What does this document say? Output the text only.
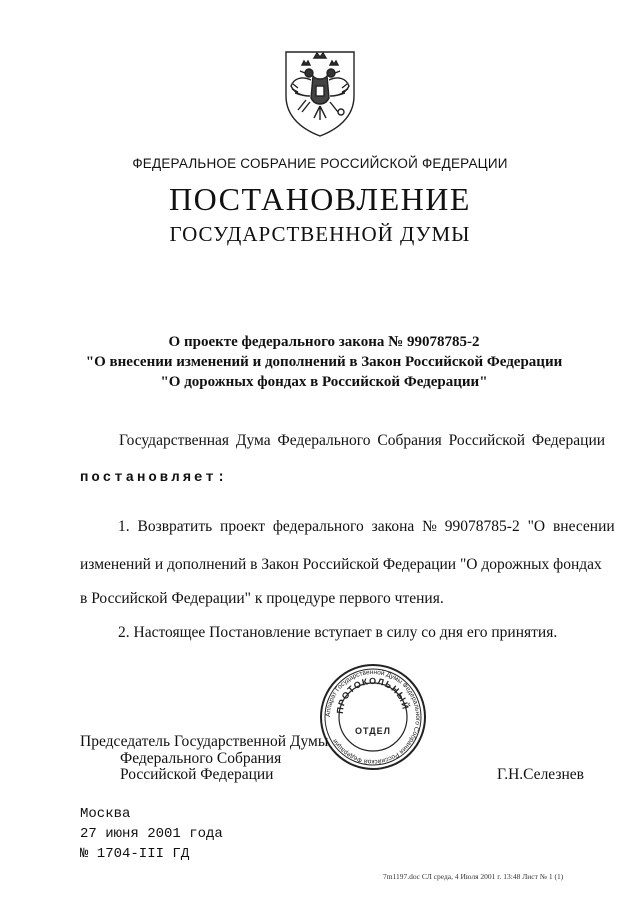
ФЕДЕРАЛЬНОЕ СОБРАНИЕ РОССИЙСКОЙ ФЕДЕРАЦИИ
ПОСТАНОВЛЕНИЕ
ГОСУДАРСТВЕННОЙ ДУМЫ
О проекте федерального закона № 99078785-2
"О внесении изменений и дополнений в Закон Российской Федерации
"О дорожных фондах в Российской Федерации"
Государственная Дума Федерального Собрания Российской Федерации
постановляет:
1. Возвратить проект федерального закона № 99078785-2 "О внесении
изменений и дополнений в Закон Российской Федерации "О дорожных фондах
в Российской Федерации" к процедуре первого чтения.
2. Настоящее Постановление вступает в силу со дня его принятия.
Аппарат Государственной Думы Федерального Собрания Российской Федерации
ПРОТОКОЛЬНЫЙ
ОТДЕЛ
Председатель Государственной Думы
Федерального Собрания
Российской Федерации	Г.Н.Селезнев
Москва
27 июня 2001 года
№ 1704-III ГД
7m1197.doc СЛ среда, 4 Июля 2001 г. 13:48 Лист № 1 (1)
